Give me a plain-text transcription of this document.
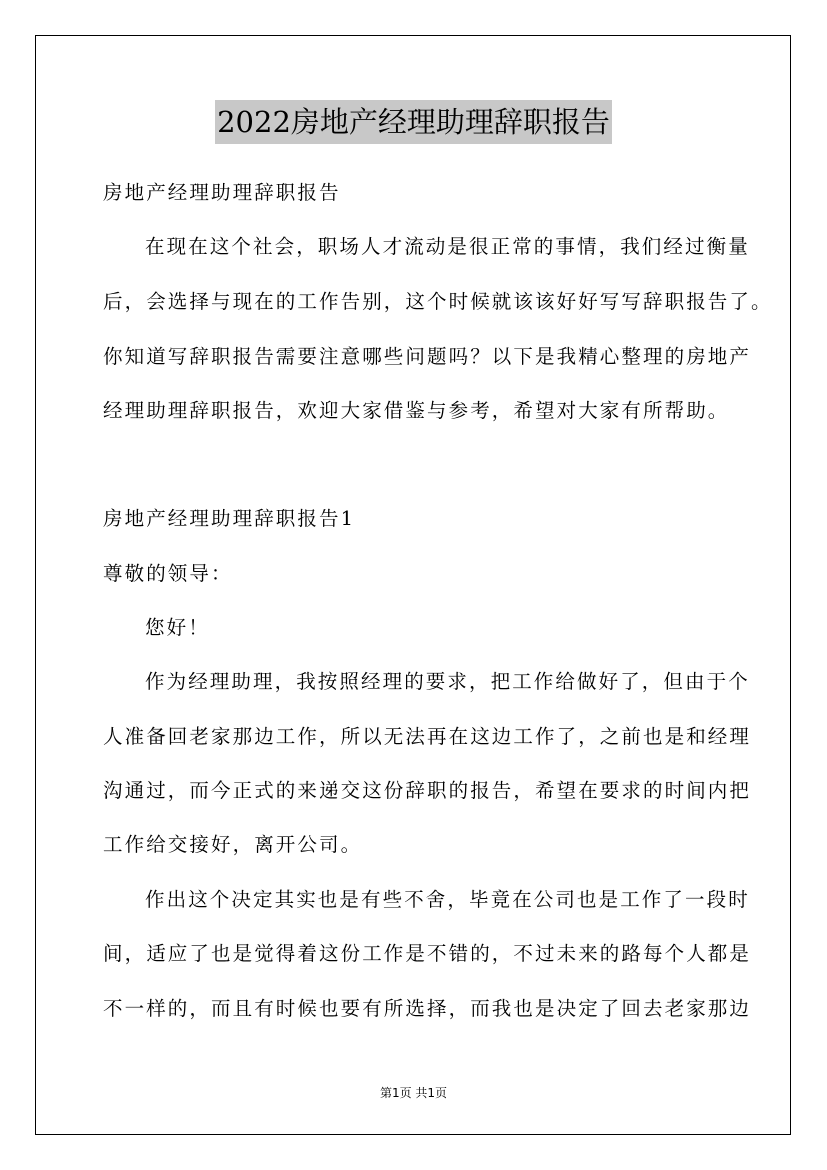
2022房地产经理助理辞职报告
房地产经理助理辞职报告
在现在这个社会，职场人才流动是很正常的事情，我们经过衡量
后，会选择与现在的工作告别，这个时候就该该好好写写辞职报告了。
你知道写辞职报告需要注意哪些问题吗？以下是我精心整理的房地产
经理助理辞职报告，欢迎大家借鉴与参考，希望对大家有所帮助。
房地产经理助理辞职报告1
尊敬的领导：
您好！
作为经理助理，我按照经理的要求，把工作给做好了，但由于个
人准备回老家那边工作，所以无法再在这边工作了，之前也是和经理
沟通过，而今正式的来递交这份辞职的报告，希望在要求的时间内把
工作给交接好，离开公司。
作出这个决定其实也是有些不舍，毕竟在公司也是工作了一段时
间，适应了也是觉得着这份工作是不错的，不过未来的路每个人都是
不一样的，而且有时候也要有所选择，而我也是决定了回去老家那边
第1页 共1页
